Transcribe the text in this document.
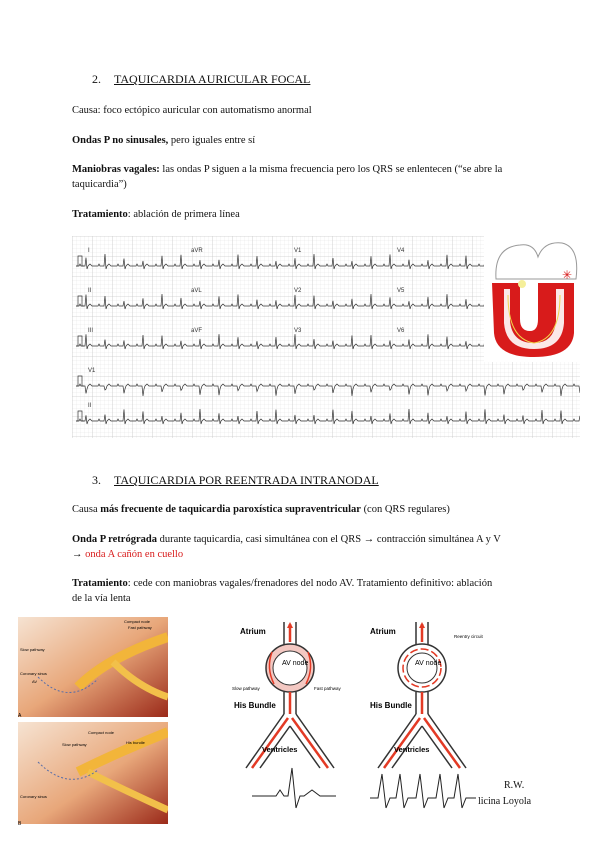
2. TAQUICARDIA AURICULAR FOCAL
Causa: foco ectópico auricular con automatismo anormal
Ondas P no sinusales, pero iguales entre sí
Maniobras vagales: las ondas P siguen a la misma frecuencia pero los QRS se enlentecen (“se abre la
taquicardia”)
Tratamiento: ablación de primera línea
I	aVR	V1	V4
II	aVL	V2	V5
III	aVF	V3	V6
V1
II
✳
3. TAQUICARDIA POR REENTRADA INTRANODAL
Causa más frecuente de taquicardia paroxística supraventricular (con QRS regulares)
Onda P retrógrada durante taquicardia, casi simultánea con el QRS → contracción simultánea A y V
→ onda A cañón en cuello
Tratamiento: cede con maniobras vagales/frenadores del nodo AV. Tratamiento definitivo: ablación
de la vía lenta
Compact node
Fast pathway
Slow pathway
Coronary sinus
AV
A
Compact node
His bundle
Slow pathway
Coronary sinus
B
Atrium
AV node
Slow pathway	Fast pathway
His Bundle
Ventricles
Atrium
AV node
Reentry circuit
His Bundle
Ventricles
R.W.
licina Loyola
